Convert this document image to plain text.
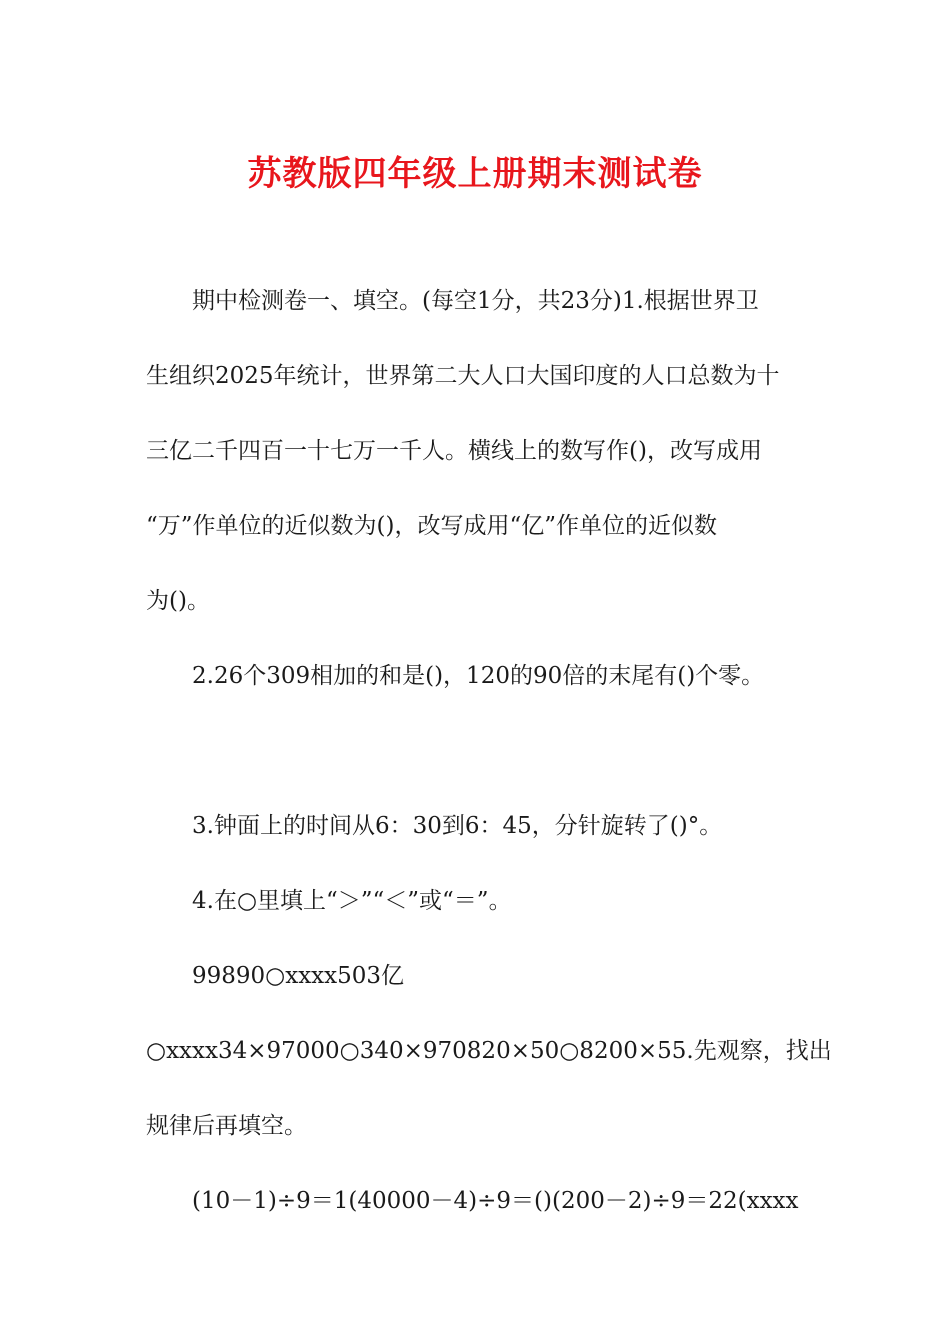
苏教版四年级上册期末测试卷
期中检测卷一、填空。(每空1分，共23分)1.根据世界卫
生组织2025年统计，世界第二大人口大国印度的人口总数为十
三亿二千四百一十七万一千人。横线上的数写作()，改写成用
“万”作单位的近似数为()，改写成用“亿”作单位的近似数
为()。
2.26个309相加的和是()，120的90倍的末尾有()个零。
3.钟面上的时间从6：30到6：45，分针旋转了()°。
4.在○里填上“＞”“＜”或“＝”。
99890○xxxx503亿
○xxxx34×97000○340×970820×50○8200×55.先观察，找出
规律后再填空。
(10－1)÷9＝1(40000－4)÷9＝()(200－2)÷9＝22(xxxx
